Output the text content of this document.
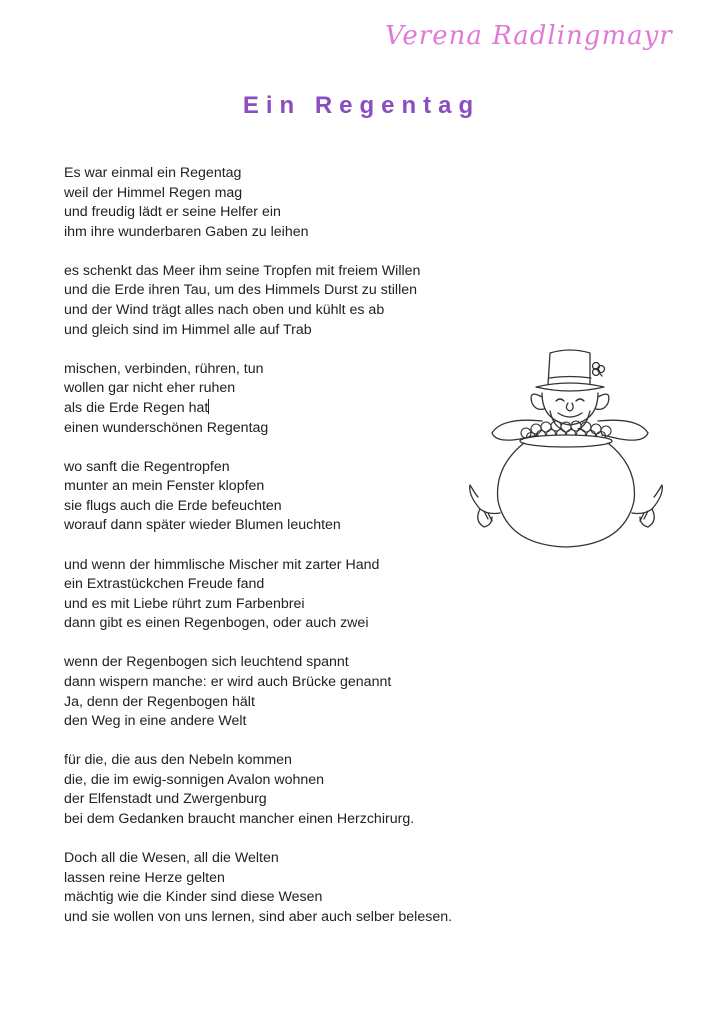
Verena Radlingmayr
Ein Regentag
Es war einmal ein Regentag
weil der Himmel Regen mag
und freudig lädt er seine Helfer ein
ihm ihre wunderbaren Gaben zu leihen
es schenkt das Meer ihm seine Tropfen mit freiem Willen
und die Erde ihren Tau, um des Himmels Durst zu stillen
und der Wind trägt alles nach oben und kühlt es ab
und gleich sind im Himmel alle auf Trab
mischen, verbinden, rühren, tun
wollen gar nicht eher ruhen
als die Erde Regen hat
einen wunderschönen Regentag
wo sanft die Regentropfen
munter an mein Fenster klopfen
sie flugs auch die Erde befeuchten
worauf dann später wieder Blumen leuchten
und wenn der himmlische Mischer mit zarter Hand
ein Extrastückchen Freude fand
und es mit Liebe rührt zum Farbenbrei
dann gibt es einen Regenbogen, oder auch zwei
wenn der Regenbogen sich leuchtend spannt
dann wispern manche: er wird auch Brücke genannt
Ja, denn der Regenbogen hält
den Weg in eine andere Welt
für die, die aus den Nebeln kommen
die, die im ewig-sonnigen Avalon wohnen
der Elfenstadt und Zwergenburg
bei dem Gedanken braucht mancher einen Herzchirurg.
Doch all die Wesen, all die Welten
lassen reine Herze gelten
mächtig wie die Kinder sind diese Wesen
und sie wollen von uns lernen, sind aber auch selber belesen.
